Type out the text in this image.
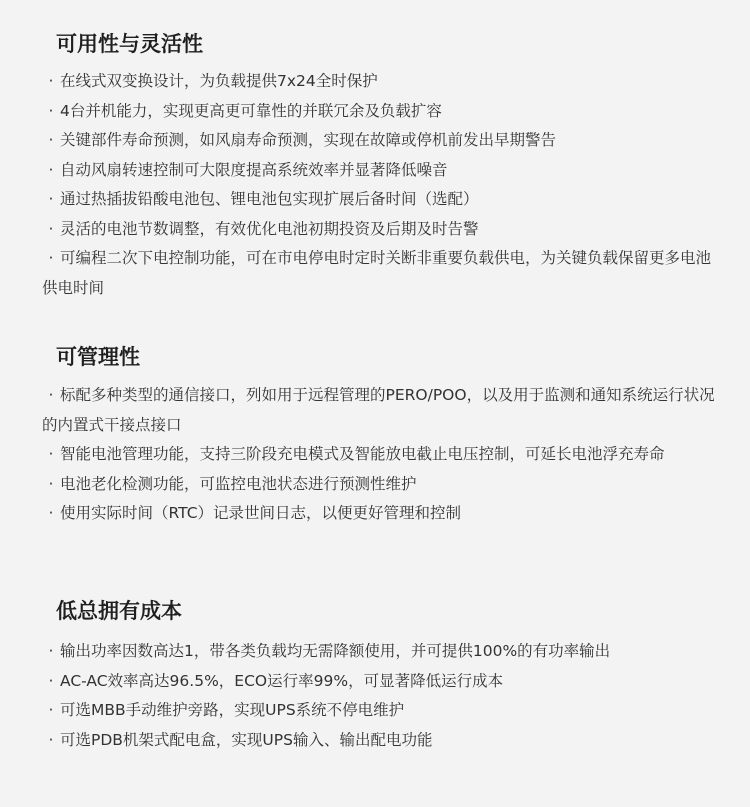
可用性与灵活性
· 在线式双变换设计，为负载提供7x24全时保护
· 4台并机能力，实现更高更可靠性的并联冗余及负载扩容
· 关键部件寿命预测，如风扇寿命预测，实现在故障或停机前发出早期警告
· 自动风扇转速控制可大限度提高系统效率并显著降低噪音
· 通过热插拔铅酸电池包、锂电池包实现扩展后备时间（选配）
· 灵活的电池节数调整，有效优化电池初期投资及后期及时告警
· 可编程二次下电控制功能，可在市电停电时定时关断非重要负载供电，为关键负载保留更多电池供电时间
可管理性
· 标配多种类型的通信接口，列如用于远程管理的PERO/POO，以及用于监测和通知系统运行状况的内置式干接点接口
· 智能电池管理功能，支持三阶段充电模式及智能放电截止电压控制，可延长电池浮充寿命
· 电池老化检测功能，可监控电池状态进行预测性维护
· 使用实际时间（RTC）记录世间日志，以便更好管理和控制
低总拥有成本
· 输出功率因数高达1，带各类负载均无需降额使用，并可提供100%的有功率输出
· AC-AC效率高达96.5%，ECO运行率99%，可显著降低运行成本
· 可选MBB手动维护旁路，实现UPS系统不停电维护
· 可选PDB机架式配电盒，实现UPS输入、输出配电功能
